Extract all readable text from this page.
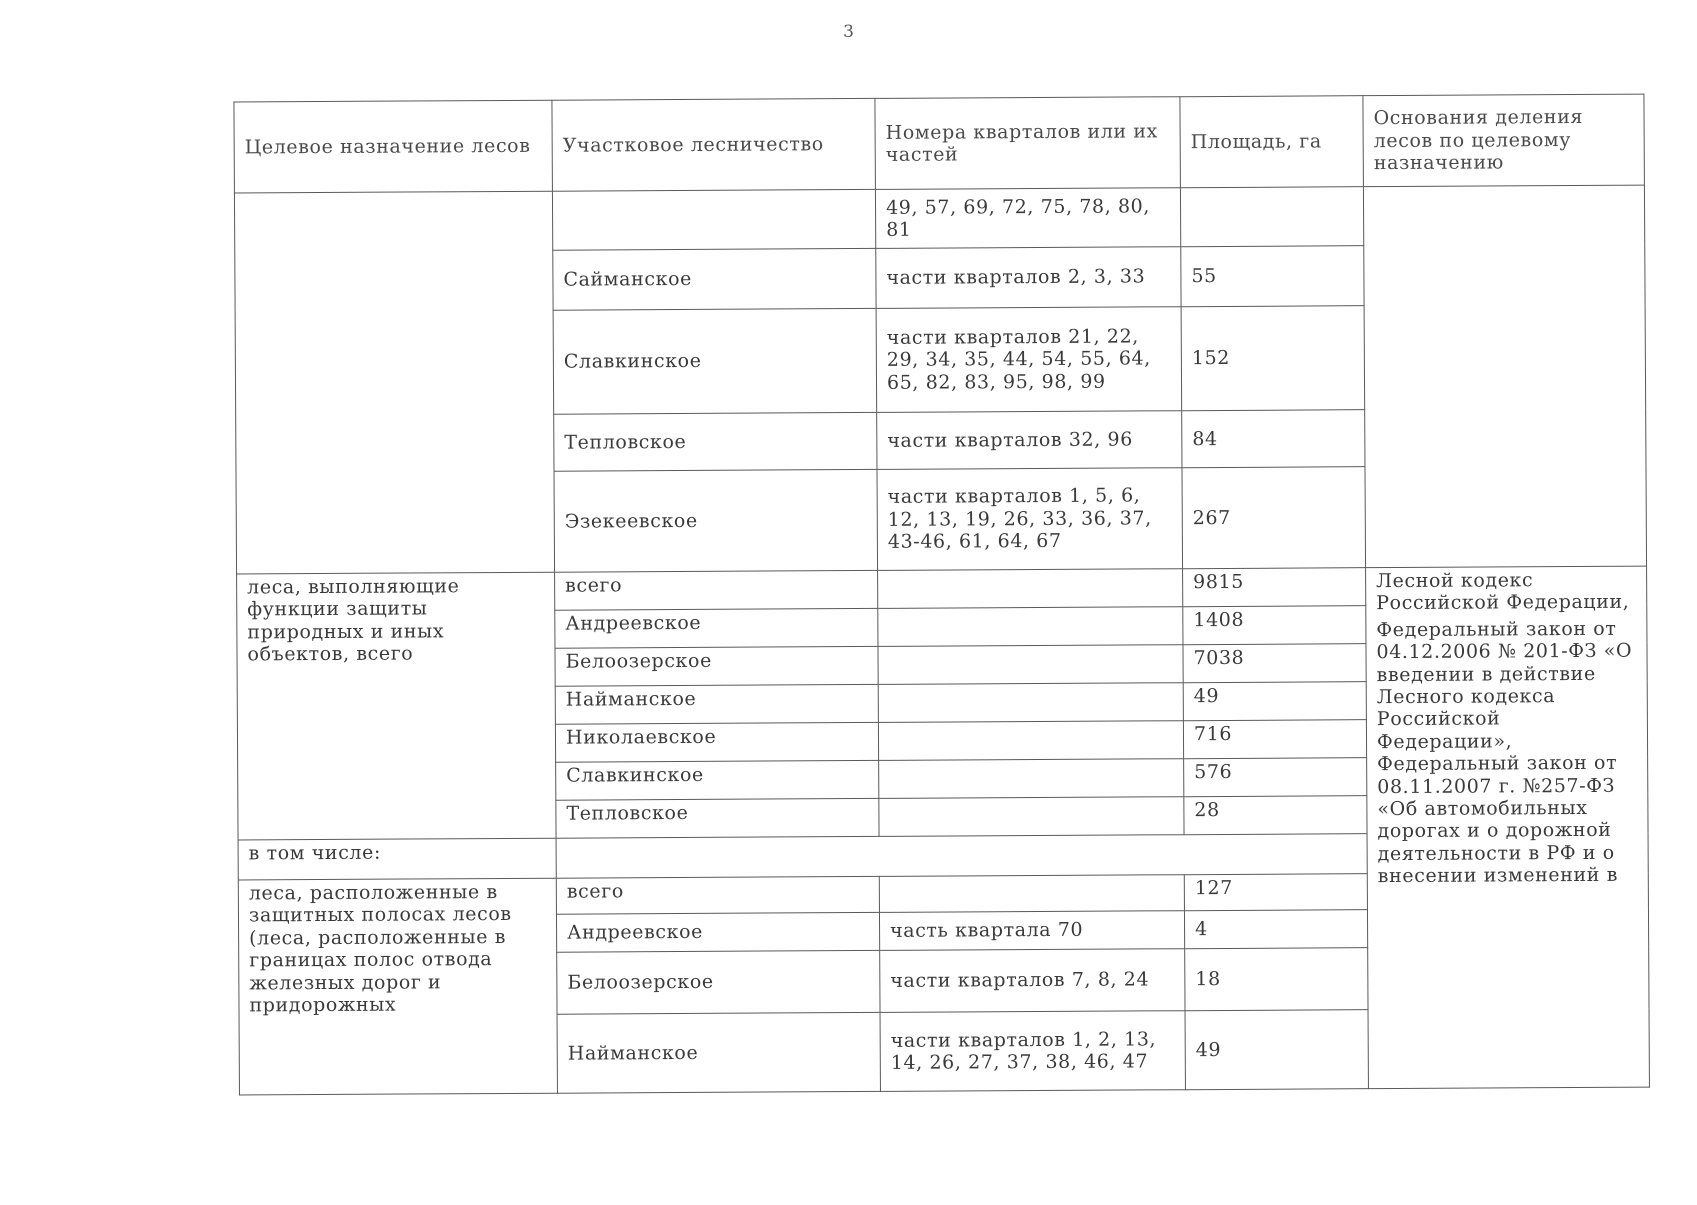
3
Целевое назначение лесов	Участковое лесничество	Номера кварталов или их частей	Площадь, га	Основания деления лесов по целевому назначению
		49, 57, 69, 72, 75, 78, 80, 81		
	Саймaнское	части кварталов 2, 3, 33	55	
	Славкинское	части кварталов 21, 22, 29, 34, 35, 44, 54, 55, 64, 65, 82, 83, 95, 98, 99	152	
	Тепловское	части кварталов 32, 96	84	
	Эзекеевское	части кварталов 1, 5, 6, 12, 13, 19, 26, 33, 36, 37, 43-46, 61, 64, 67	267	
леса, выполняющие функции защиты природных и иных объектов, всего	всего		9815	Лесной кодекс Российской Федерации,
Федеральный закон от 04.12.2006 № 201-ФЗ «О введении в действие Лесного кодекса Российской Федерации», Федеральный закон от 08.11.2007 г. №257-ФЗ «Об автомобильных дорогах и о дорожной деятельности в РФ и о внесении изменений в

	Андреевское		1408	
	Белоозерское		7038	
	Наймaнское		49	
	Николаевское		716	
	Славкинское		576	
	Тепловское		28	
в том числе:				
леса, расположенные в защитных полосах лесов (леса, расположенные в границах полос отвода железных дорог и придорожных	всего		127	
	Андреевское	часть квартала 70	4	
	Белоозерское	части кварталов 7, 8, 24	18	
	Наймaнское	части кварталов 1, 2, 13, 14, 26, 27, 37, 38, 46, 47	49	
